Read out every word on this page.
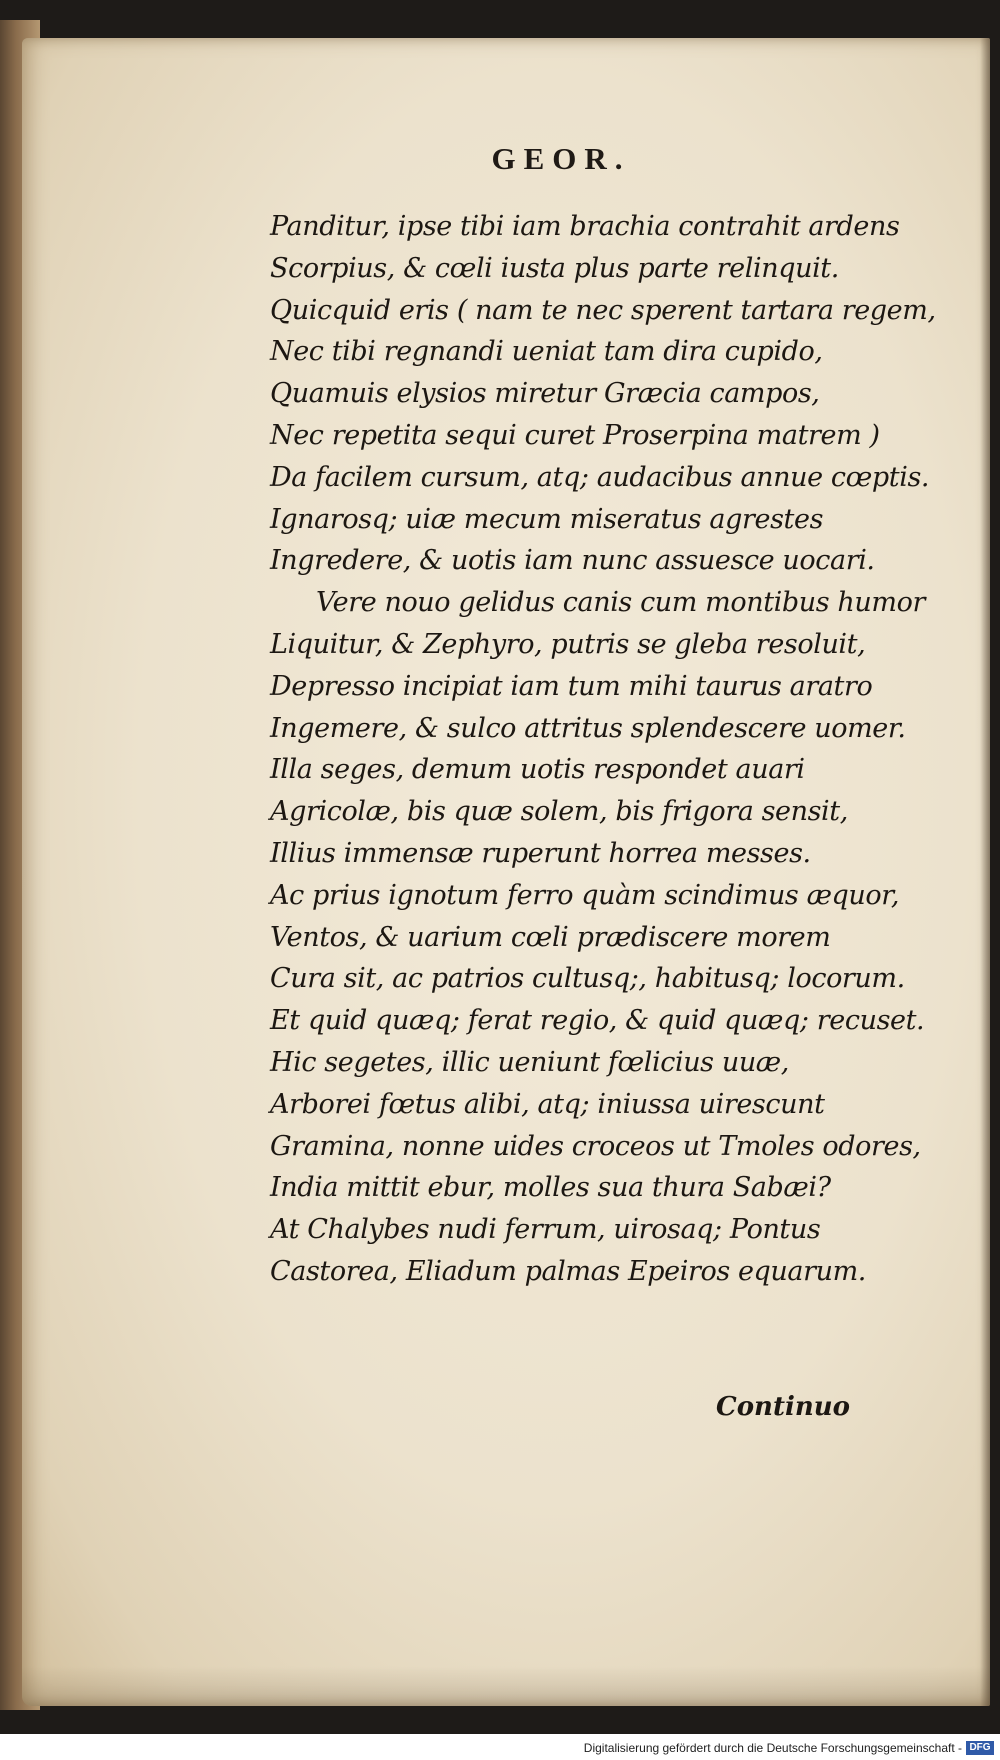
GEOR.
Panditur, ipse tibi iam brachia contrahit ardens
Scorpius, & cœli iusta plus parte relinquit.
Quicquid eris ( nam te nec sperent tartara regem,
Nec tibi regnandi ueniat tam dira cupido,
Quamuis elysios miretur Græcia campos,
Nec repetita sequi curet Proserpina matrem )
Da facilem cursum, atq; audacibus annue cœptis.
Ignarosq; uiæ mecum miseratus agrestes
Ingredere, & uotis iam nunc assuesce uocari.
Vere nouo gelidus canis cum montibus humor
Liquitur, & Zephyro, putris se gleba resoluit,
Depresso incipiat iam tum mihi taurus aratro
Ingemere, & sulco attritus splendescere uomer.
Illa seges, demum uotis respondet auari
Agricolæ, bis quæ solem, bis frigora sensit,
Illius immensæ ruperunt horrea messes.
Ac prius ignotum ferro quàm scindimus æquor,
Ventos, & uarium cœli prædiscere morem
Cura sit, ac patrios cultusq;, habitusq; locorum.
Et quid quæq; ferat regio, & quid quæq; recuset.
Hic segetes, illic ueniunt fœlicius uuæ,
Arborei fœtus alibi, atq; iniussa uirescunt
Gramina, nonne uides croceos ut Tmoles odores,
India mittit ebur, molles sua thura Sabæi?
At Chalybes nudi ferrum, uirosaq; Pontus
Castorea, Eliadum palmas Epeiros equarum.
Continuo
Digitalisierung gefördert durch die Deutsche Forschungsgemeinschaft - DFG
